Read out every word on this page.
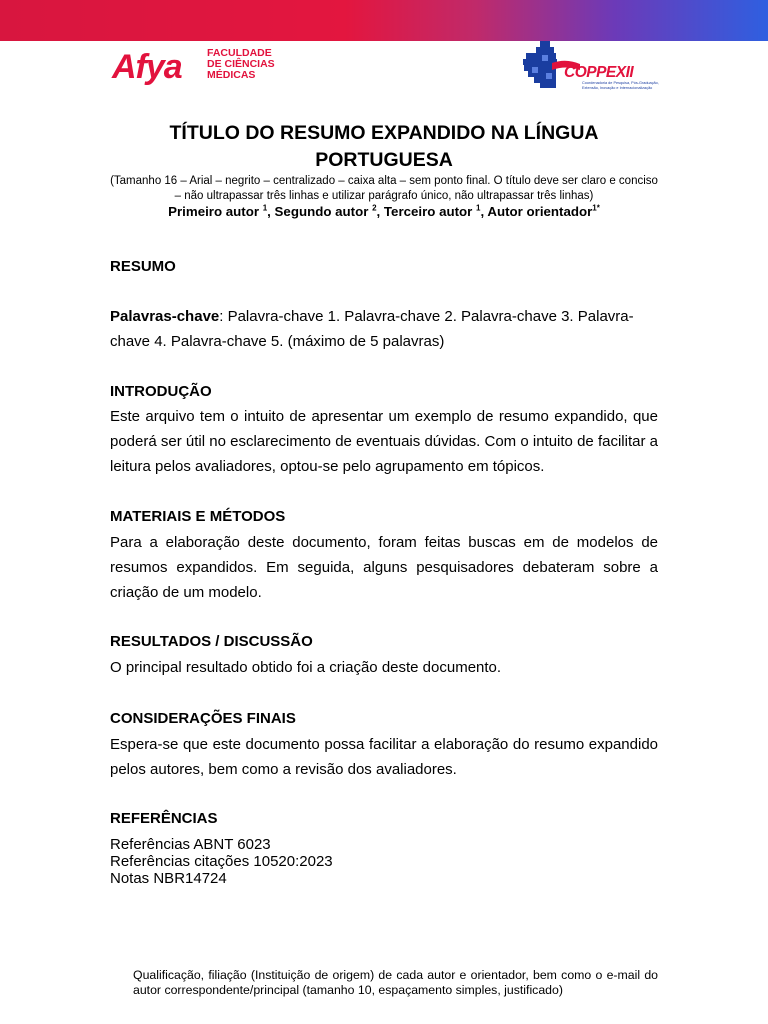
Afya FACULDADE
DE CIÊNCIAS
MÉDICAS	COPPEXII
Coordenadoria de Pesquisa, Pós-Graduação, Extensão, Inovação e Internacionalização
TÍTULO DO RESUMO EXPANDIDO NA LÍNGUA
PORTUGUESA
(Tamanho 16 – Arial – negrito – centralizado – caixa alta – sem ponto final. O título deve ser claro e conciso – não ultrapassar três linhas e utilizar parágrafo único, não ultrapassar três linhas)
Primeiro autor $^1$, Segundo autor $^2$, Terceiro autor $^1$, Autor orientador$^{1*}$
RESUMO
Palavras-chave: Palavra-chave 1. Palavra-chave 2. Palavra-chave 3. Palavra-chave 4. Palavra-chave 5. (máximo de 5 palavras)
INTRODUÇÃO
Este arquivo tem o intuito de apresentar um exemplo de resumo expandido, que poderá ser útil no esclarecimento de eventuais dúvidas. Com o intuito de facilitar a leitura pelos avaliadores, optou-se pelo agrupamento em tópicos.
MATERIAIS E MÉTODOS
Para a elaboração deste documento, foram feitas buscas em de modelos de resumos expandidos. Em seguida, alguns pesquisadores debateram sobre a criação de um modelo.
RESULTADOS / DISCUSSÃO
O principal resultado obtido foi a criação deste documento.
CONSIDERAÇÕES FINAIS
Espera-se que este documento possa facilitar a elaboração do resumo expandido pelos autores, bem como a revisão dos avaliadores.
REFERÊNCIAS
Referências ABNT 6023
Referências citações 10520:2023
Notas NBR14724
Qualificação, filiação (Instituição de origem) de cada autor e orientador, bem como o e-mail do autor correspondente/principal (tamanho 10, espaçamento simples, justificado)
